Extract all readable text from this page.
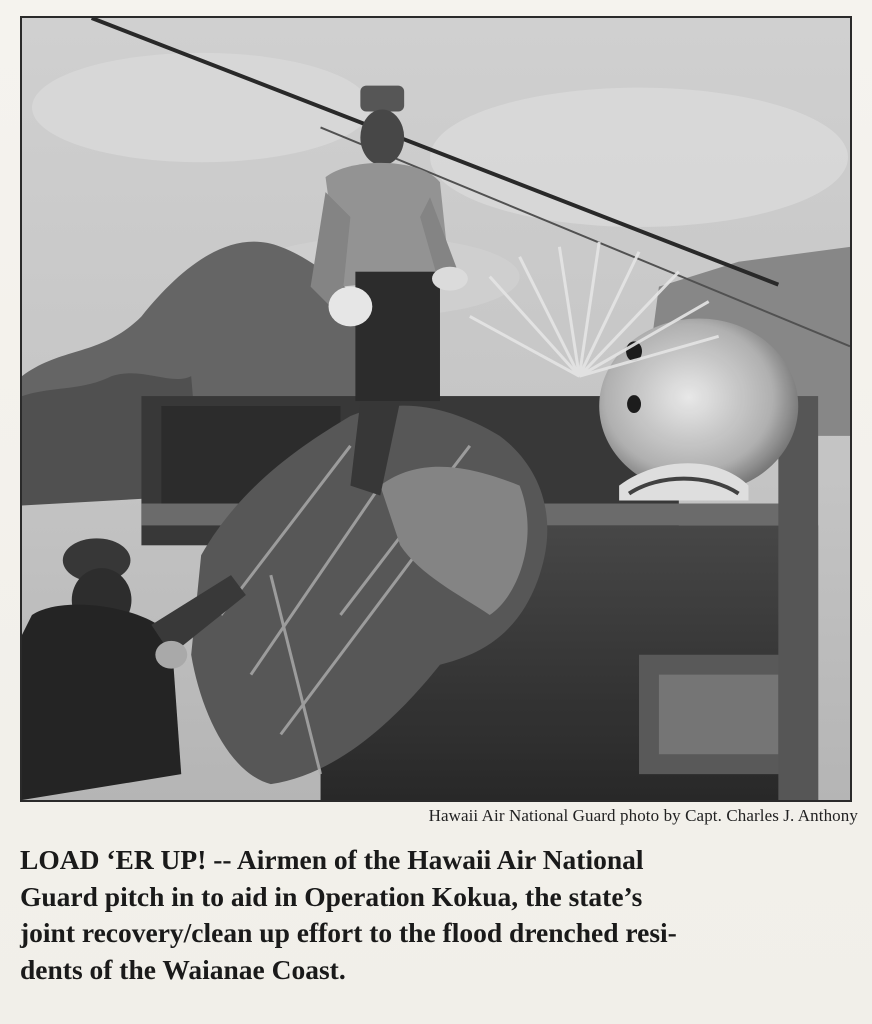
Hawaii Air National Guard photo by Capt. Charles J. Anthony

LOAD ‘ER UP! -- Airmen of the Hawaii Air National
Guard pitch in to aid in Operation Kokua, the state’s
joint recovery/clean up effort to the flood drenched resi-
dents of the Waianae Coast.
